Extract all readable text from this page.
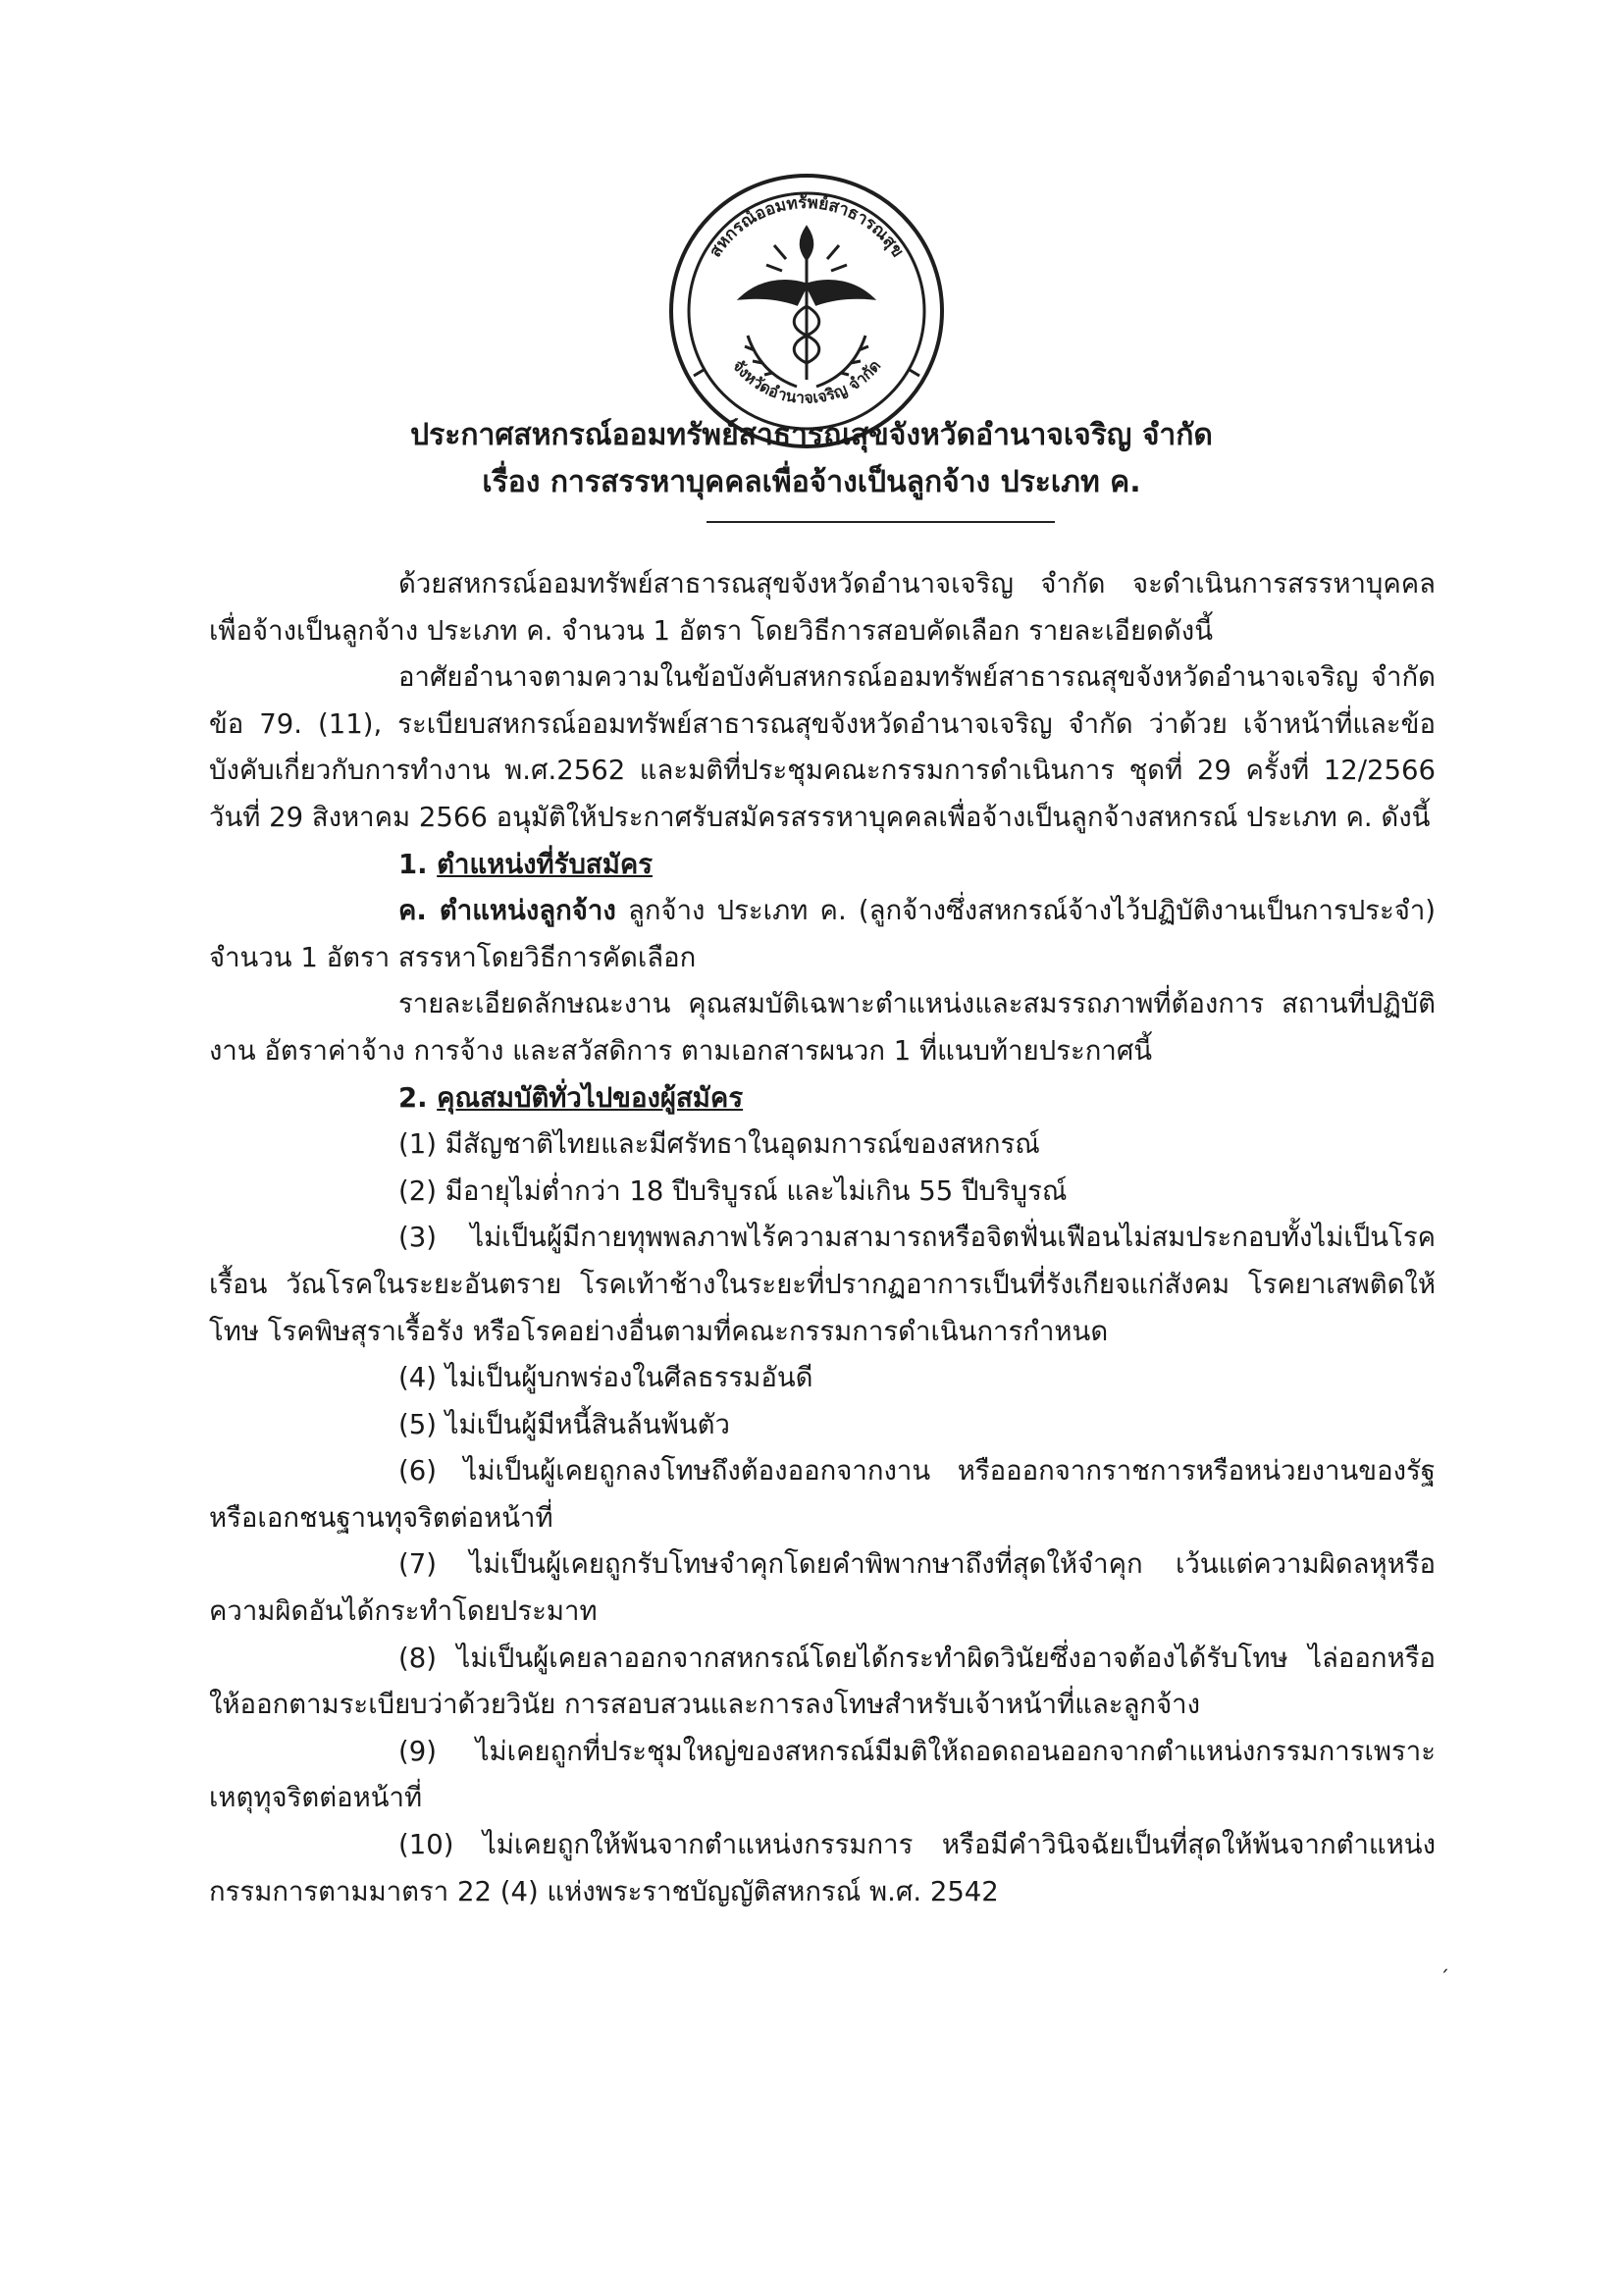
สหกรณ์ออมทรัพย์สาธารณสุข
จังหวัดอำนาจเจริญ จำกัด
ประกาศสหกรณ์ออมทรัพย์สาธารณสุขจังหวัดอำนาจเจริญ จำกัด
เรื่อง การสรรหาบุคคลเพื่อจ้างเป็นลูกจ้าง ประเภท ค.

ด้วยสหกรณ์ออมทรัพย์สาธารณสุขจังหวัดอำนาจเจริญ จำกัด จะดำเนินการสรรหาบุคคลเพื่อจ้างเป็นลูกจ้าง ประเภท ค. จำนวน 1 อัตรา โดยวิธีการสอบคัดเลือก รายละเอียดดังนี้

อาศัยอำนาจตามความในข้อบังคับสหกรณ์ออมทรัพย์สาธารณสุขจังหวัดอำนาจเจริญ จำกัด ข้อ 79. (11), ระเบียบสหกรณ์ออมทรัพย์สาธารณสุขจังหวัดอำนาจเจริญ จำกัด ว่าด้วย เจ้าหน้าที่และข้อบังคับเกี่ยวกับการทำงาน พ.ศ.2562 และมติที่ประชุมคณะกรรมการดำเนินการ ชุดที่ 29 ครั้งที่ 12/2566 วันที่ 29 สิงหาคม 2566 อนุมัติให้ประกาศรับสมัครสรรหาบุคคลเพื่อจ้างเป็นลูกจ้างสหกรณ์ ประเภท ค. ดังนี้

1. ตำแหน่งที่รับสมัคร

ค. ตำแหน่งลูกจ้าง ลูกจ้าง ประเภท ค. (ลูกจ้างซึ่งสหกรณ์จ้างไว้ปฏิบัติงานเป็นการประจำ) จำนวน 1 อัตรา สรรหาโดยวิธีการคัดเลือก

รายละเอียดลักษณะงาน คุณสมบัติเฉพาะตำแหน่งและสมรรถภาพที่ต้องการ สถานที่ปฏิบัติงาน อัตราค่าจ้าง การจ้าง และสวัสดิการ ตามเอกสารผนวก 1 ที่แนบท้ายประกาศนี้

2. คุณสมบัติทั่วไปของผู้สมัคร

(1) มีสัญชาติไทยและมีศรัทธาในอุดมการณ์ของสหกรณ์

(2) มีอายุไม่ต่ำกว่า 18 ปีบริบูรณ์ และไม่เกิน 55 ปีบริบูรณ์

(3) ไม่เป็นผู้มีกายทุพพลภาพไร้ความสามารถหรือจิตฟั่นเฟือนไม่สมประกอบทั้งไม่เป็นโรคเรื้อน วัณโรคในระยะอันตราย โรคเท้าช้างในระยะที่ปรากฏอาการเป็นที่รังเกียจแก่สังคม โรคยาเสพติดให้โทษ โรคพิษสุราเรื้อรัง หรือโรคอย่างอื่นตามที่คณะกรรมการดำเนินการกำหนด

(4) ไม่เป็นผู้บกพร่องในศีลธรรมอันดี

(5) ไม่เป็นผู้มีหนี้สินล้นพ้นตัว

(6) ไม่เป็นผู้เคยถูกลงโทษถึงต้องออกจากงาน หรือออกจากราชการหรือหน่วยงานของรัฐ หรือเอกชนฐานทุจริตต่อหน้าที่

(7) ไม่เป็นผู้เคยถูกรับโทษจำคุกโดยคำพิพากษาถึงที่สุดให้จำคุก เว้นแต่ความผิดลหุหรือความผิดอันได้กระทำโดยประมาท

(8) ไม่เป็นผู้เคยลาออกจากสหกรณ์โดยได้กระทำผิดวินัยซึ่งอาจต้องได้รับโทษ ไล่ออกหรือให้ออกตามระเบียบว่าด้วยวินัย การสอบสวนและการลงโทษสำหรับเจ้าหน้าที่และลูกจ้าง

(9) ไม่เคยถูกที่ประชุมใหญ่ของสหกรณ์มีมติให้ถอดถอนออกจากตำแหน่งกรรมการเพราะเหตุทุจริตต่อหน้าที่

(10) ไม่เคยถูกให้พ้นจากตำแหน่งกรรมการ หรือมีคำวินิจฉัยเป็นที่สุดให้พ้นจากตำแหน่งกรรมการตามมาตรา 22 (4) แห่งพระราชบัญญัติสหกรณ์ พ.ศ. 2542

´
